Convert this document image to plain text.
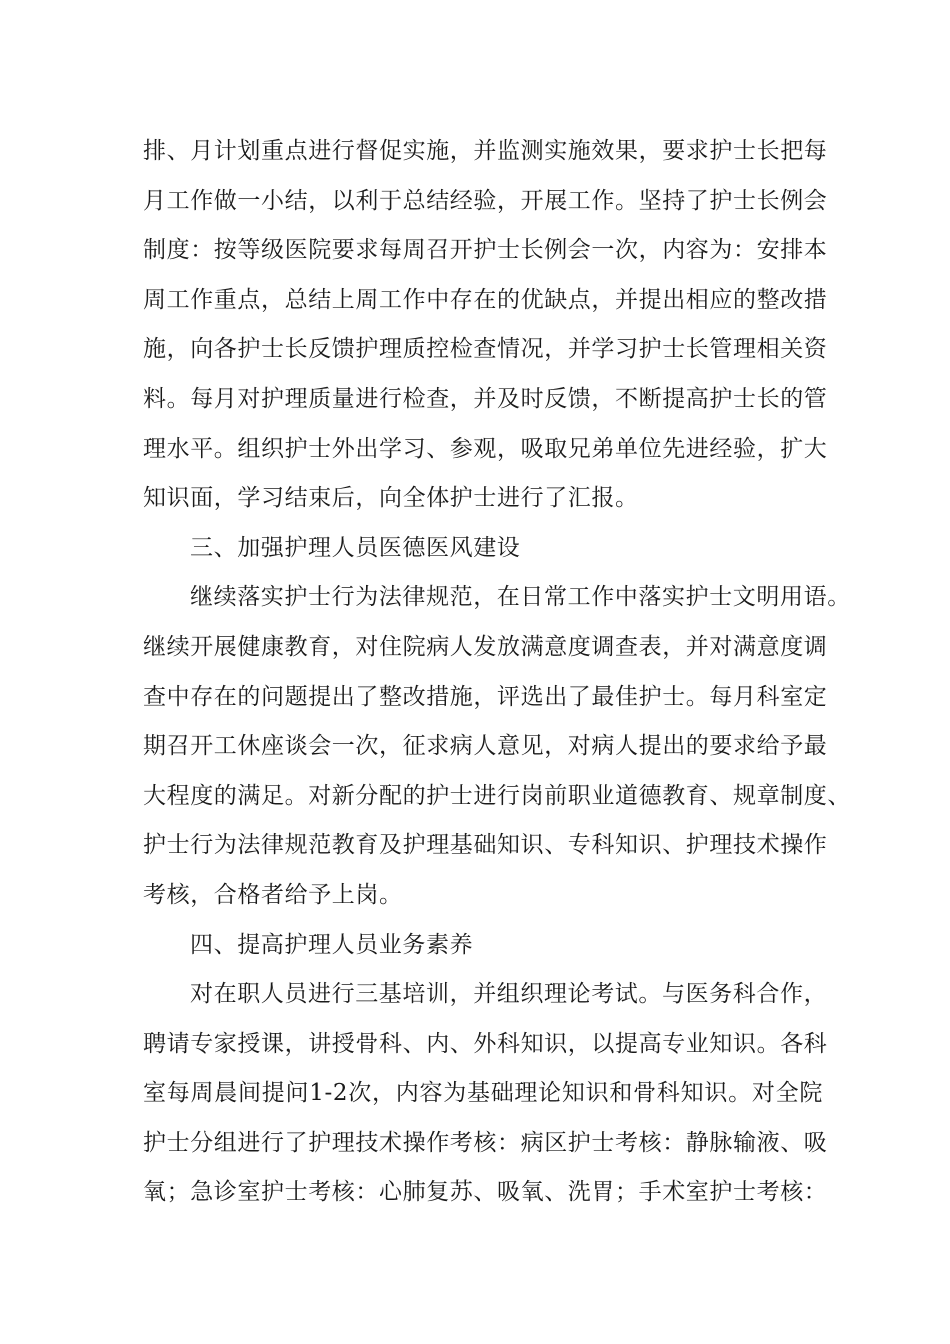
排、月计划重点进行督促实施，并监测实施效果，要求护士长把每
月工作做一小结，以利于总结经验，开展工作。坚持了护士长例会
制度：按等级医院要求每周召开护士长例会一次，内容为：安排本
周工作重点，总结上周工作中存在的优缺点，并提出相应的整改措
施，向各护士长反馈护理质控检查情况，并学习护士长管理相关资
料。每月对护理质量进行检查，并及时反馈，不断提高护士长的管
理水平。组织护士外出学习、参观，吸取兄弟单位先进经验，扩大
知识面，学习结束后，向全体护士进行了汇报。
三、加强护理人员医德医风建设
继续落实护士行为法律规范，在日常工作中落实护士文明用语。
继续开展健康教育，对住院病人发放满意度调查表，并对满意度调
查中存在的问题提出了整改措施，评选出了最佳护士。每月科室定
期召开工休座谈会一次，征求病人意见，对病人提出的要求给予最
大程度的满足。对新分配的护士进行岗前职业道德教育、规章制度、
护士行为法律规范教育及护理基础知识、专科知识、护理技术操作
考核，合格者给予上岗。
四、提高护理人员业务素养
对在职人员进行三基培训，并组织理论考试。与医务科合作，
聘请专家授课，讲授骨科、内、外科知识，以提高专业知识。各科
室每周晨间提问1-2次，内容为基础理论知识和骨科知识。对全院
护士分组进行了护理技术操作考核：病区护士考核：静脉输液、吸
氧；急诊室护士考核：心肺复苏、吸氧、洗胃；手术室护士考核：
